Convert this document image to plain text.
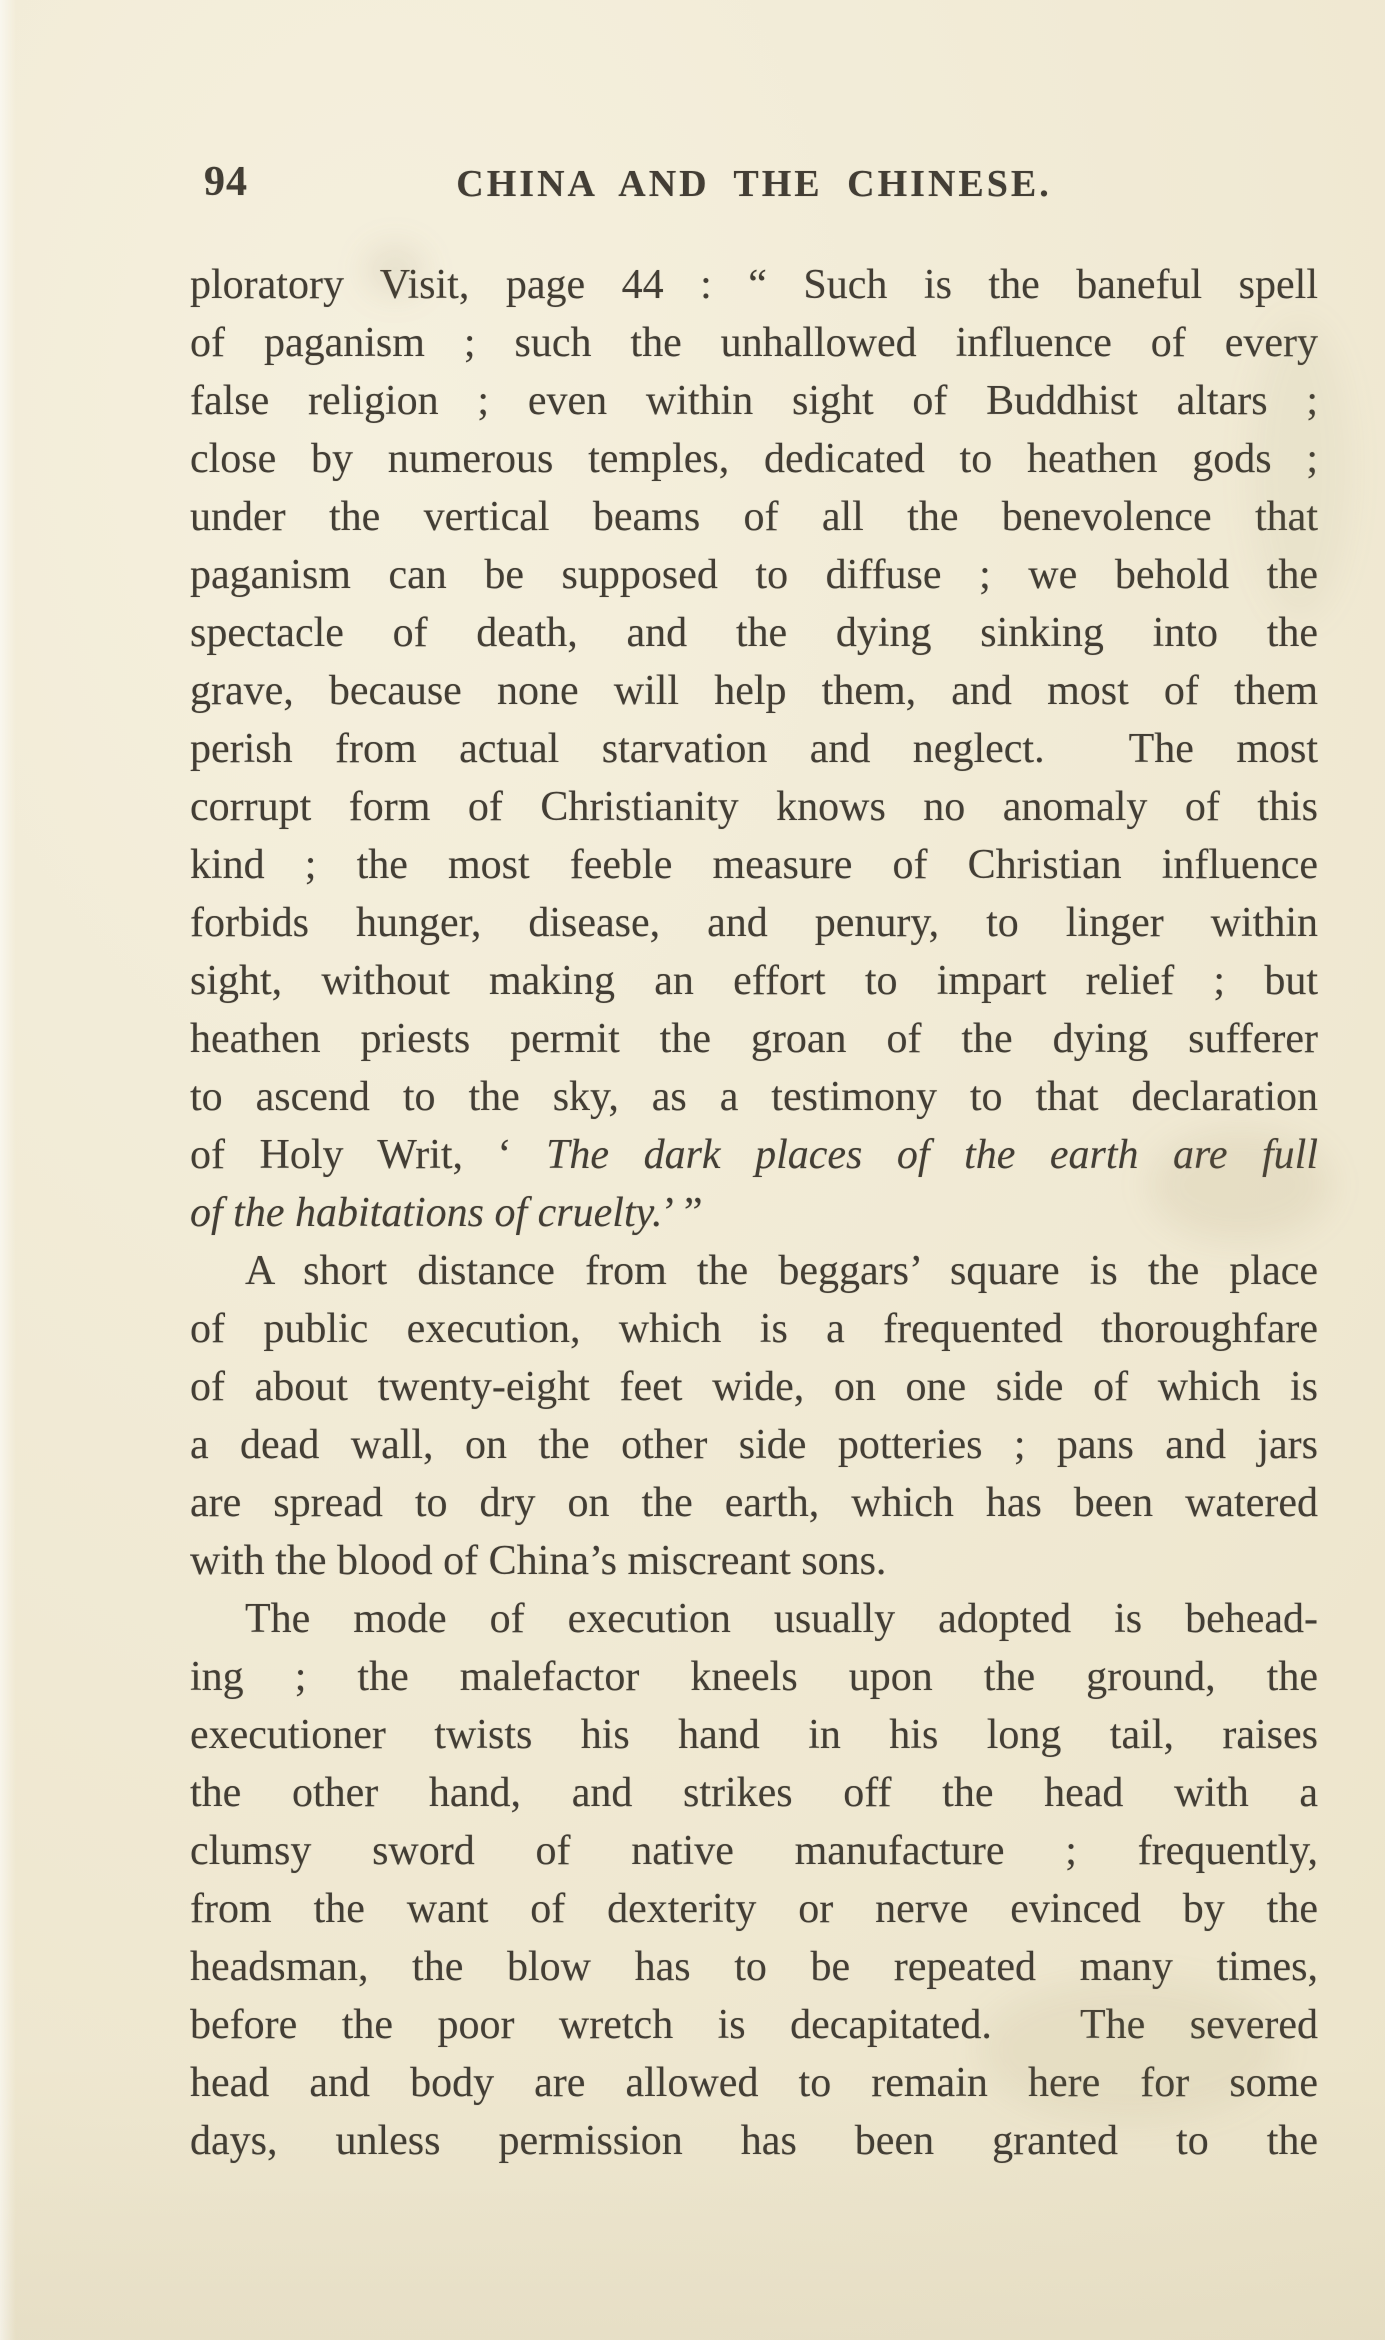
94	CHINA AND THE CHINESE.
ploratory Visit, page 44 : “ Such is the baneful spell
of paganism ; such the unhallowed influence of every
false religion ; even within sight of Buddhist altars ;
close by numerous temples, dedicated to heathen gods ;
under the vertical beams of all the benevolence that
paganism can be supposed to diffuse ; we behold the
spectacle of death, and the dying sinking into the
grave, because none will help them, and most of them
perish from actual starvation and neglect.  The most
corrupt form of Christianity knows no anomaly of this
kind ; the most feeble measure of Christian influence
forbids hunger, disease, and penury, to linger within
sight, without making an effort to impart relief ; but
heathen priests permit the groan of the dying sufferer
to ascend to the sky, as a testimony to that declaration
of Holy Writ, ‘ The dark places of the earth are full
of the habitations of cruelty.’ ”
A short distance from the beggars’ square is the place
of public execution, which is a frequented thoroughfare
of about twenty-eight feet wide, on one side of which is
a dead wall, on the other side potteries ; pans and jars
are spread to dry on the earth, which has been watered
with the blood of China’s miscreant sons.
The mode of execution usually adopted is behead-
ing ; the malefactor kneels upon the ground, the
executioner twists his hand in his long tail, raises
the other hand, and strikes off the head with a
clumsy sword of native manufacture ; frequently,
from the want of dexterity or nerve evinced by the
headsman, the blow has to be repeated many times,
before the poor wretch is decapitated.  The severed
head and body are allowed to remain here for some
days, unless permission has been granted to the
